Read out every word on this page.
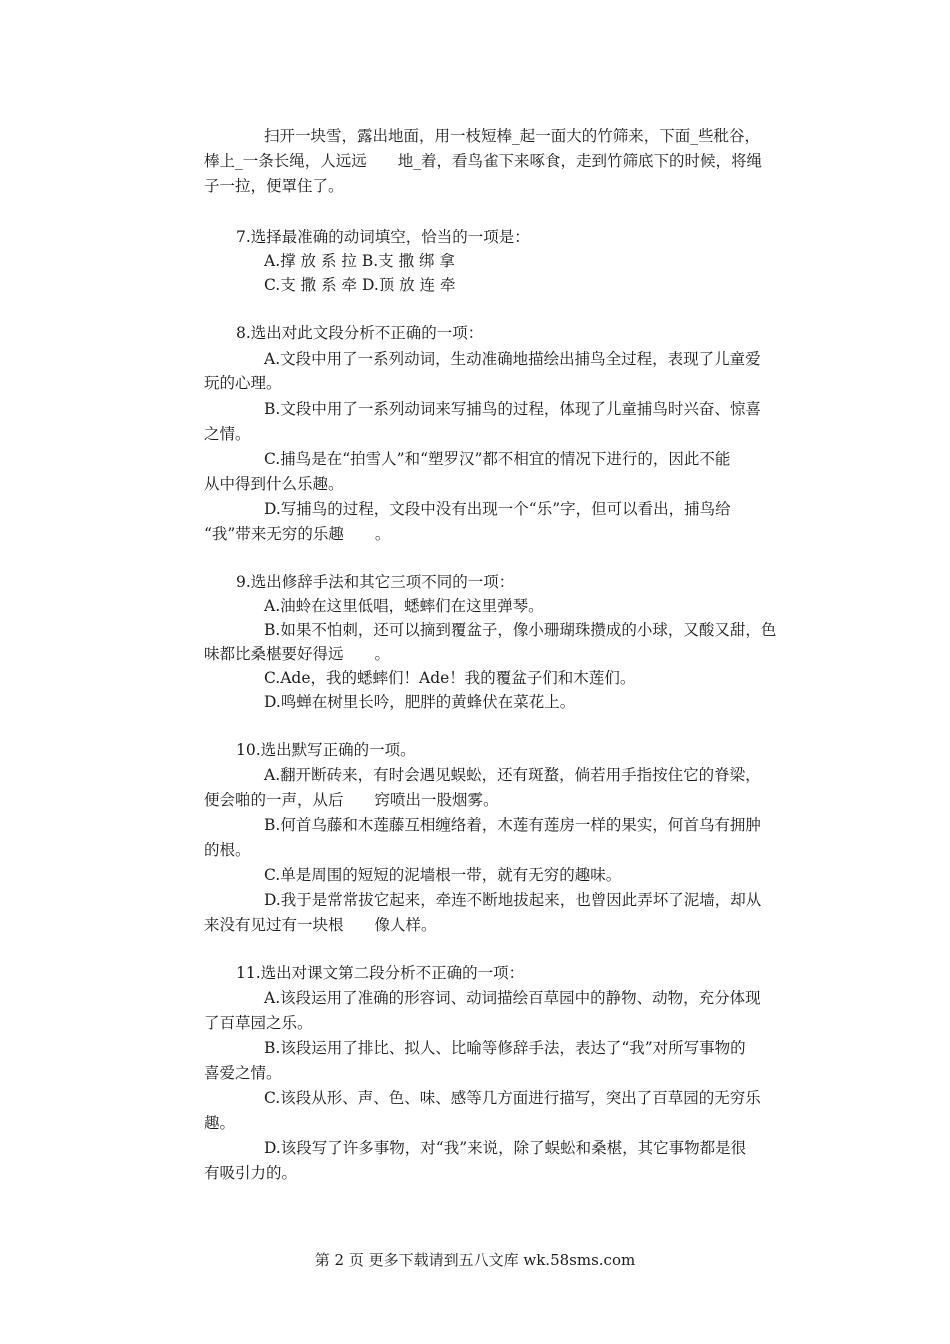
扫开一块雪，露出地面，用一枝短棒_起一面大的竹筛来，下面_些秕谷，
棒上_一条长绳，人远远　　地_着，看鸟雀下来啄食，走到竹筛底下的时候，将绳
子一拉，便罩住了。
7.选择最准确的动词填空，恰当的一项是：
A.撑 放 系 拉 B.支 撒 绑 拿
C.支 撒 系 牵 D.顶 放 连 牵
8.选出对此文段分析不正确的一项：
A.文段中用了一系列动词，生动准确地描绘出捕鸟全过程，表现了儿童爱
玩的心理。
B.文段中用了一系列动词来写捕鸟的过程，体现了儿童捕鸟时兴奋、惊喜
之情。
C.捕鸟是在“拍雪人”和“塑罗汉”都不相宜的情况下进行的，因此不能
从中得到什么乐趣。
D.写捕鸟的过程，文段中没有出现一个“乐”字，但可以看出，捕鸟给
“我”带来无穷的乐趣　　。
9.选出修辞手法和其它三项不同的一项：
A.油蛉在这里低唱，蟋蟀们在这里弹琴。
B.如果不怕刺，还可以摘到覆盆子，像小珊瑚珠攒成的小球，又酸又甜，色
味都比桑椹要好得远　　。
C.Ade，我的蟋蟀们！Ade！我的覆盆子们和木莲们。
D.鸣蝉在树里长吟，肥胖的黄蜂伏在菜花上。
10.选出默写正确的一项。
A.翻开断砖来，有时会遇见蜈蚣，还有斑蝥，倘若用手指按住它的脊梁，
便会啪的一声，从后　　窍喷出一股烟雾。
B.何首乌藤和木莲藤互相缠络着，木莲有莲房一样的果实，何首乌有拥肿
的根。
C.单是周围的短短的泥墙根一带，就有无穷的趣味。
D.我于是常常拔它起来，牵连不断地拔起来，也曾因此弄坏了泥墙，却从
来没有见过有一块根　　像人样。
11.选出对课文第二段分析不正确的一项：
A.该段运用了准确的形容词、动词描绘百草园中的静物、动物，充分体现
了百草园之乐。
B.该段运用了排比、拟人、比喻等修辞手法，表达了“我”对所写事物的
喜爱之情。
C.该段从形、声、色、味、感等几方面进行描写，突出了百草园的无穷乐
趣。
D.该段写了许多事物，对“我”来说，除了蜈蚣和桑椹，其它事物都是很
有吸引力的。
第 2 页 更多下载请到五八文库 wk.58sms.com
